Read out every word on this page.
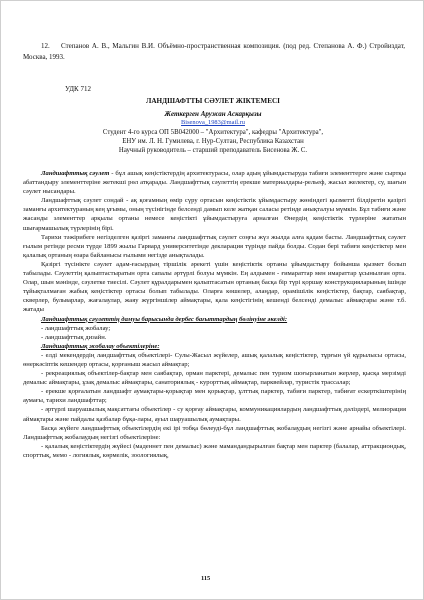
12. Степанов А. В., Мальгин В.И. Объёмно-пространственная композиция. (под ред. Степанова А. Ф.) Стройиздат, Москва, 1993.
УДК 712
ЛАНДШАФТТЫ СӘУЛЕТ ЖІКТЕМЕСІ
Жеткерген Аружан Аскарқызы
Bisenova_1983@mail.ru
Студент 4-го курса ОП 5В042000 – "Архитектура", кафедры "Архитектура",
ЕНУ им. Л. Н. Гумилева, г. Нур-Султан, Республика Казахстан
Научный руководитель – старший преподаватель Бисенова Ж. С.

Ландшафттық сәулет - бұл ашық кеңістіктердің архитектурасы, олар адың ұйымдастыруда табиғи элементтерге және сыртқы абаттандыру элементтеріне жетекші рөл атқарады. Ландшафттық сәулеттің ерекше материалдары-рельеф, жасыл желектер, су, шағын сәулет нысандары.

Ландшафттық сәулет сондай - ақ қоғамның өмір сүру ортасын кеңістіктік ұйымдастыру жөніндегі қызметті білдіретін қазіргі заманғы архитектураның кең ұғымы, оның түсінігінде белсенді дамып келе жатқан саласы ретінде анықталуы мүмкін. Бұл табиғи және жасанды элементтер арқылы ортаны немесе кеңістікті ұйымдастыруға арналған Өнердің кеңістіктік түрлеріне жататын шығармашылық түрлерінің бірі.

Тарихи тәжірибеге негізделген қазіргі заманғы ландшафттық сәулет соңғы жүз жылда алға қадам басты. Ландшафттық сәулет ғылым ретінде ресми түрде 1899 жылы Гарвард университетінде декларация түрінде пайда болды. Содан бері табиғи кеңістіктер мен қалалық ортаның өзара байланысы ғылыми негізде анықталады.

Қазіргі түсінікте сәулет адам-ғасырдың тіршілік әрекеті үшін кеңістіктік ортаны ұйымдастыру бойынша қызмет болып табылады. Сәулеттің қалыптастыратын орта сапалы әртүрлі болуы мүмкін. Ең алдымен - ғимараттар мен имараттар ұсынылған орта. Олар, шын мәнінде, сәулетке тиесілі. Сәулет құралдарымен қалыптасатын ортаның басқа бір түрі қоршау конструкцияларының ішінде тұйықталмаған жабық кеңістіктер ортасы болып табылады. Оларға көшелер, алаңдар, орамішілік кеңістіктер, бақтар, саябақтар, скверлер, бульварлар, жағалаулар, жаяу жүргіншілер аймақтары, қала кеңістігінің кешенді белсенді демалыс аймақтары және т.б. жатады

Ландшафттық сәулеттің дамуы барысында дербес бағыттардың бөлінуіне әкелді:

- ландшафттық жобалау;

- ландшафттық дизайн.

Ландшафттық жобалау объектілеріне:

- елді мекендердің ландшафттық объектілері- Сулы-Жасыл жүйелер, ашық қалалық кеңістіктер, тұрғын үй құрылысы ортасы, өнеркәсіптік кешендер ортасы, қорғаныш жасыл аймақтар;

- рекреациялық объектілер-бақтар мен саябақтар, орман парктері, демалыс пен туризм шоғырланатын жерлер, қысқа мерзімді демалыс аймақтары, ұзақ демалыс аймақтары, санаториялық - курорттық аймақтар, парквейлар, туристік трассалар;

- ерекше қорғалатын ландшафт аумақтары-қорықтар мен қорықтар, ұлттық парктер, табиғи парктер, табиғат ескерткіштерінің аумағы, тарихи ландшафттар;

- әртүрлі шаруашылық мақсаттағы объектілер - су қорғау аймақтары, коммуникациялардың ландшафттық дәліздері, мелиорация аймақтары және пайдалы қазбалар бұқа-лары, ауыл шаруашылық аумақтары.

Басқа жүйеге ландшафттық объектілердің екі ірі тобқа бөлеуді-бұл ландшафттық жобалаудың негізгі және арнайы объектілері. Ландшафттық жобалаудың негізгі объектілеріне:

- қалалық кеңістіктердің жүйесі (маденнет пен демалыс) және мамандандырылған бақтар мен парктер (балалар, аттракциондық, спорттық, мемо - логиялық, көрмелік, зоологиялық,

115
